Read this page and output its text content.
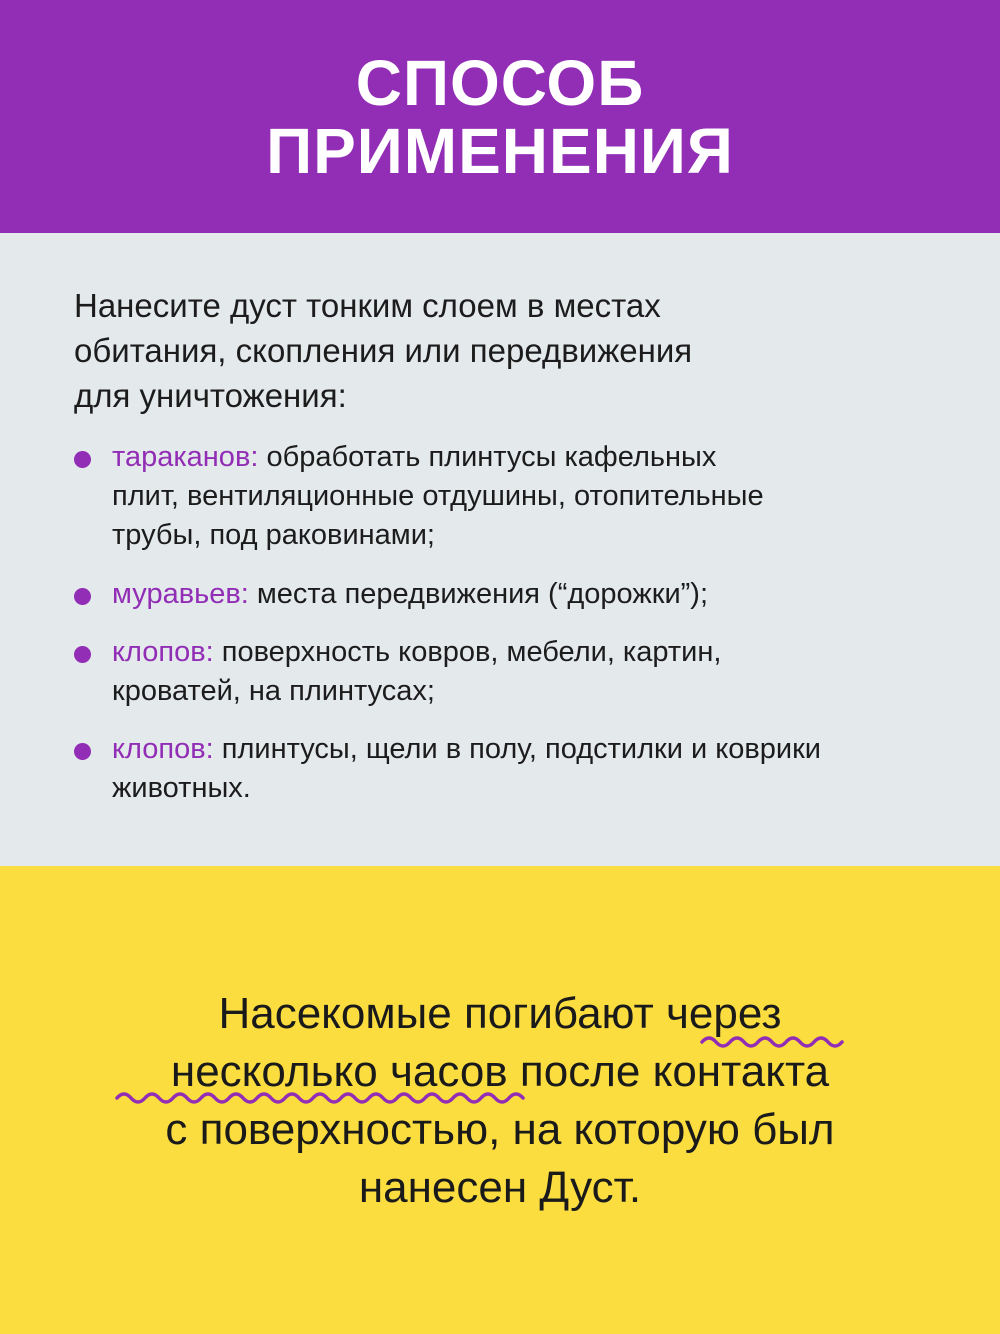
СПОСОБ
ПРИМЕНЕНИЯ
Нанесите дуст тонким слоем в местах
обитания, скопления или передвижения
для уничтожения:
тараканов: обработать плинтусы кафельных
плит, вентиляционные отдушины, отопительные
трубы, под раковинами;
муравьев: места передвижения (“дорожки”);
клопов: поверхность ковров, мебели, картин,
кроватей, на плинтусах;
клопов: плинтусы, щели в полу, подстилки и коврики
животных.
Насекомые погибают через
несколько часов после контакта
с поверхностью, на которую был
нанесен Дуст.
